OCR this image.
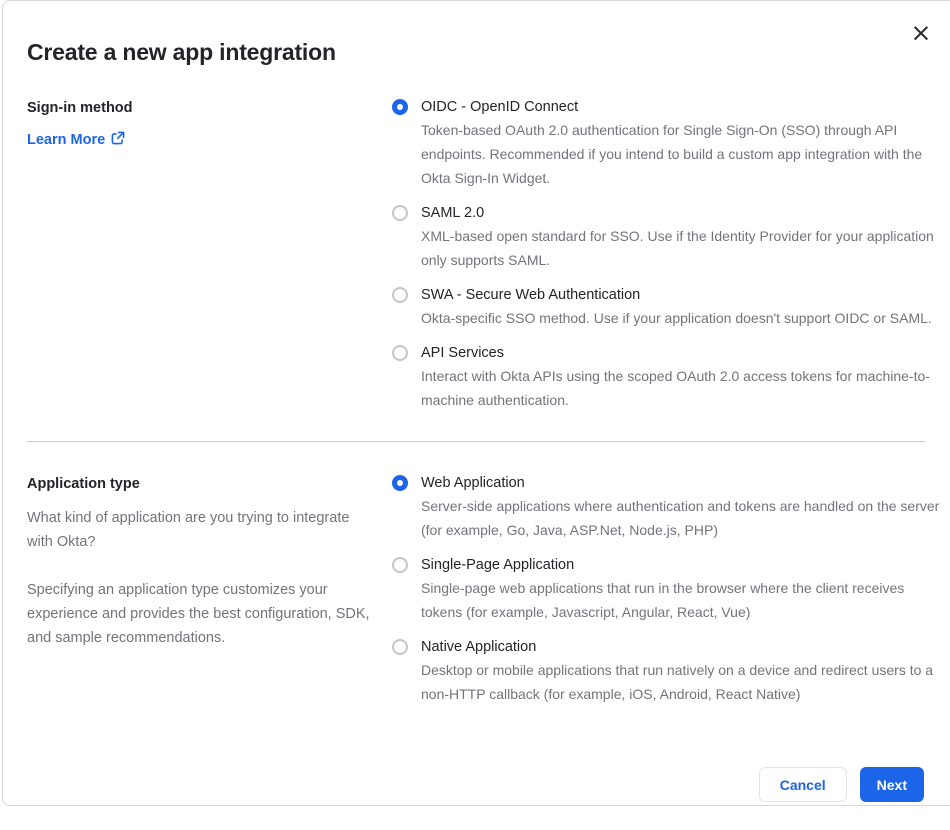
×
Create a new app integration
Sign-in method
Learn More
OIDC - OpenID Connect
Token-based OAuth 2.0 authentication for Single Sign-On (SSO) through API endpoints. Recommended if you intend to build a custom app integration with the Okta Sign-In Widget.
SAML 2.0
XML-based open standard for SSO. Use if the Identity Provider for your application only supports SAML.
SWA - Secure Web Authentication
Okta-specific SSO method. Use if your application doesn't support OIDC or SAML.
API Services
Interact with Okta APIs using the scoped OAuth 2.0 access tokens for machine-to-machine authentication.
Application type

What kind of application are you trying to integrate with Okta?

Specifying an application type customizes your experience and provides the best configuration, SDK, and sample recommendations.

Web Application
Server-side applications where authentication and tokens are handled on the server (for example, Go, Java, ASP.Net, Node.js, PHP)
Single-Page Application
Single-page web applications that run in the browser where the client receives tokens (for example, Javascript, Angular, React, Vue)
Native Application
Desktop or mobile applications that run natively on a device and redirect users to a non-HTTP callback (for example, iOS, Android, React Native)
Cancel	Next
